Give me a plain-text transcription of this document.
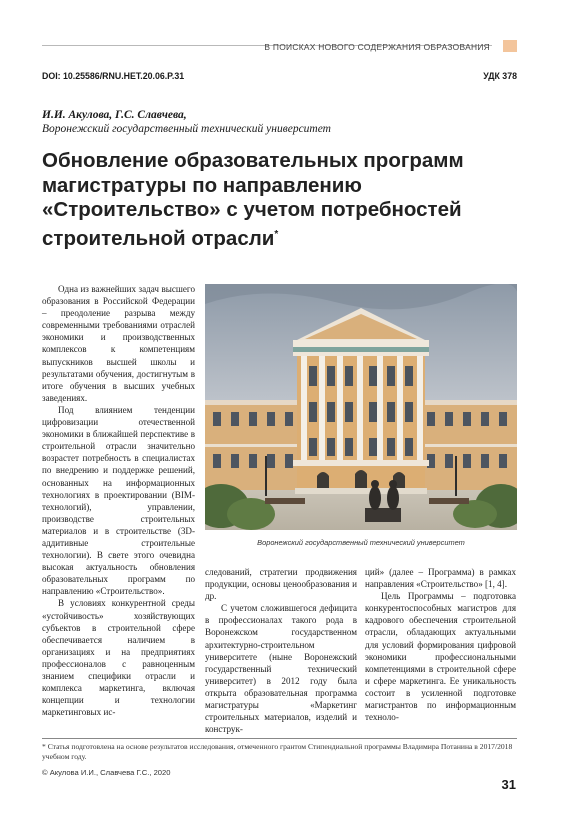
В ПОИСКАХ НОВОГО СОДЕРЖАНИЯ ОБРАЗОВАНИЯ
DOI: 10.25586/RNU.HET.20.06.P.31	УДК 378
И.И. Акулова, Г.С. Славчева,
Воронежский государственный технический университет
Обновление образовательных программ магистратуры по направлению «Строительство» с учетом потребностей строительной отрасли*

Одна из важнейших задач высшего образования в Российской Федерации – преодоление разрыва между современными требованиями отраслей экономики и производственных комплексов к компетенциям выпускников высшей школы и результатами обучения, достигнутым в итоге обучения в высших учебных заведениях.

Под влиянием тенденции цифровизации отечественной экономики в ближайшей перспективе в строительной отрасли значительно возрастет потребность в специалистах по внедрению и поддержке решений, основанных на информационных технологиях в проектировании (BIM-технологий), управлении, производстве строительных материалов и в строительстве (3D-аддитивные строительные технологии). В свете этого очевидна высокая актуальность обновления образовательных программ по направлению «Строительство».

В условиях конкурентной среды «устойчивость» хозяйствующих субъектов в строительной сфере обеспечивается наличием в организациях и на предприятиях профессионалов с равноценным знанием специфики отрасли и комплекса маркетинга, включая концепции и технологии маркетинговых ис-

Воронежский государственный технический университет

следований, стратегии продвижения продукции, основы ценообразования и др.

С учетом сложившегося дефицита в профессионалах такого рода в Воронежском государственном архитектурно-строительном университете (ныне Воронежский государственный технический университет) в 2012 году была открыта образовательная программа магистратуры «Маркетинг строительных материалов, изделий и конструк-

ций» (далее – Программа) в рамках направления «Строительство» [1, 4].

Цель Программы – подготовка конкурентоспособных магистров для кадрового обеспечения строительной отрасли, обладающих актуальными для условий формирования цифровой экономики профессиональными компетенциями в строительной сфере и сфере маркетинга. Ее уникальность состоит в усиленной подготовке магистрантов по информационным техноло-

* Статья подготовлена на основе результатов исследования, отмеченного грантом Стипендиальной программы Владимира Потанина в 2017/2018 учебном году.
© Акулова И.И., Славчева Г.С., 2020
31
